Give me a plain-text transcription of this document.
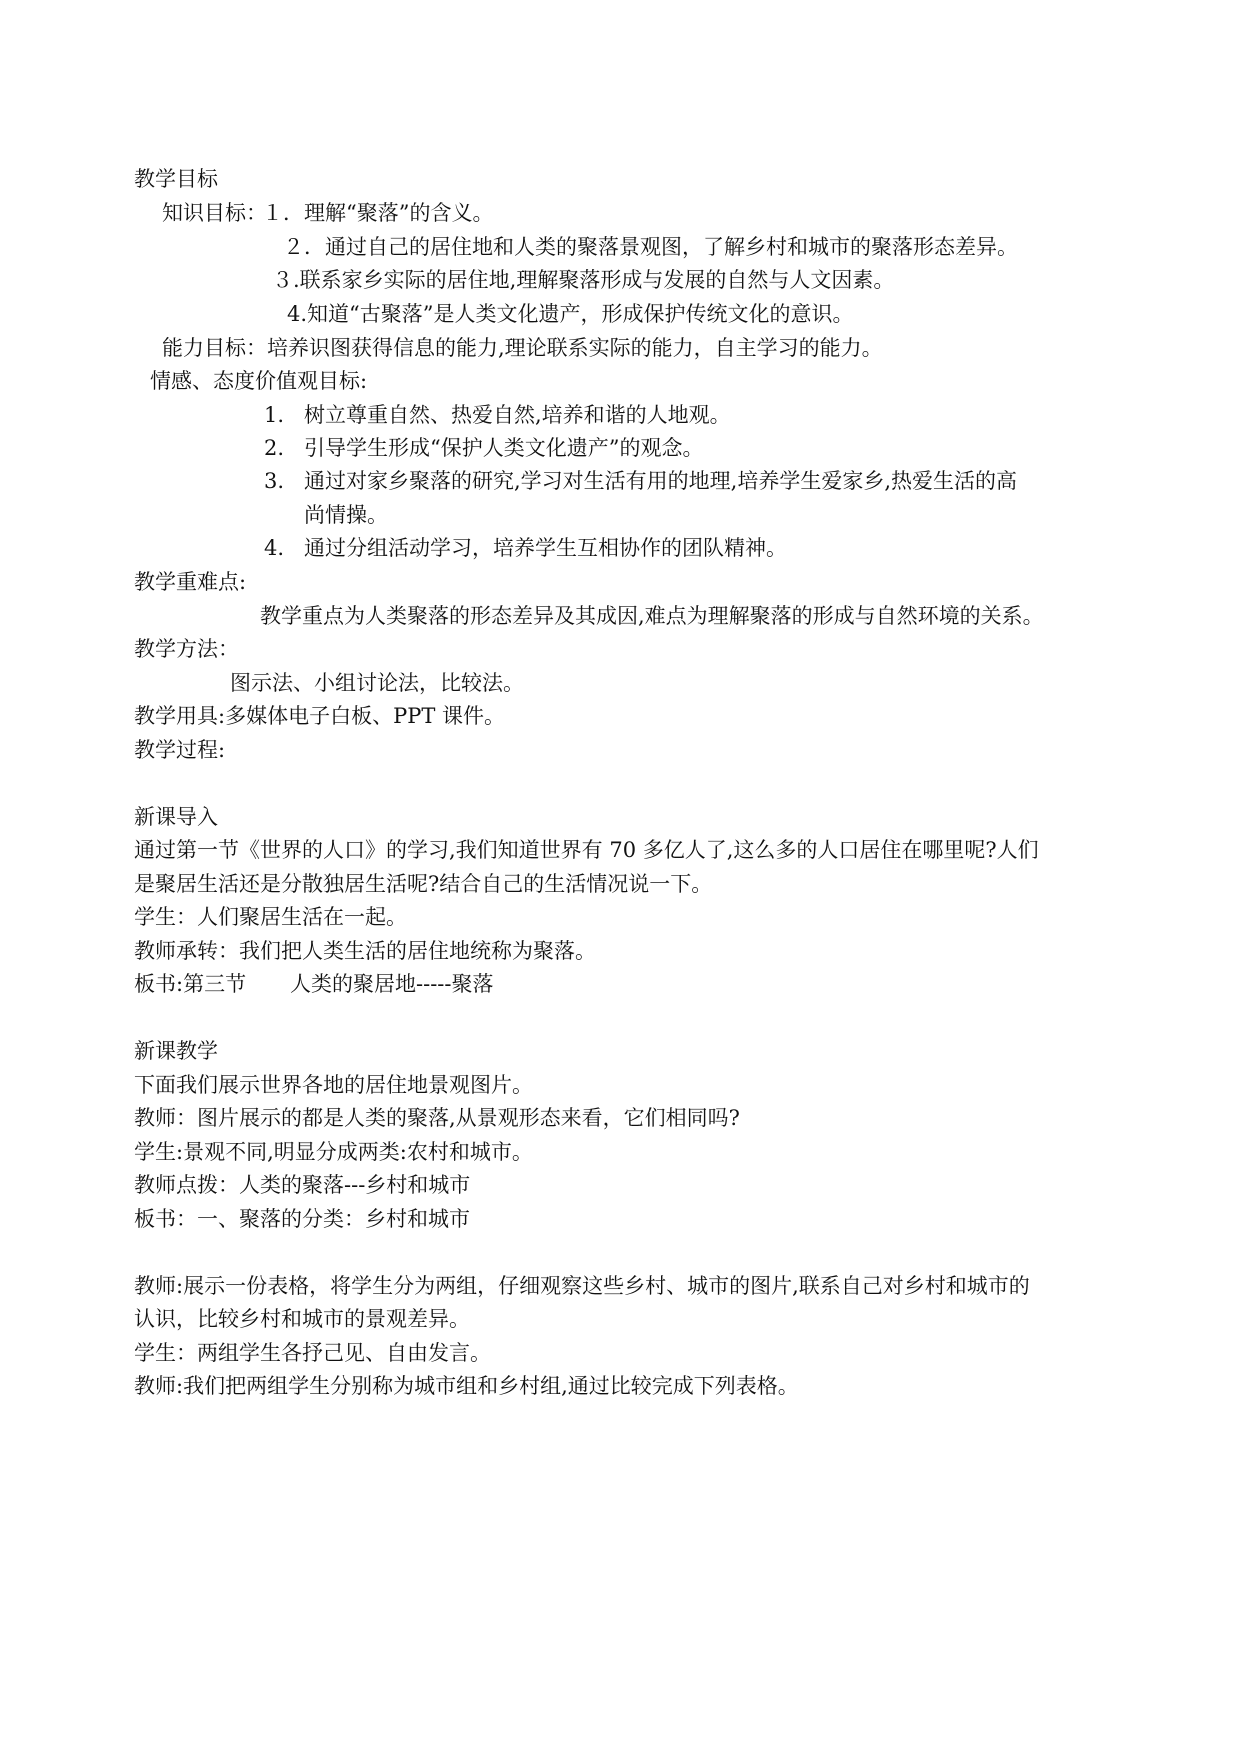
教学目标
知识目标：
１．理解“聚落”的含义。
２．通过自己的居住地和人类的聚落景观图，了解乡村和城市的聚落形态差异。
３.联系家乡实际的居住地,理解聚落形成与发展的自然与人文因素。
4.知道“古聚落”是人类文化遗产，形成保护传统文化的意识。
能力目标：培养识图获得信息的能力,理论联系实际的能力，自主学习的能力。
情感、态度价值观目标:
1. 树立尊重自然、热爱自然,培养和谐的人地观。
2. 引导学生形成“保护人类文化遗产”的观念。
3. 通过对家乡聚落的研究,学习对生活有用的地理,培养学生爱家乡,热爱生活的高
尚情操。
4. 通过分组活动学习，培养学生互相协作的团队精神。
教学重难点:
教学重点为人类聚落的形态差异及其成因,难点为理解聚落的形成与自然环境的关系。
教学方法：
图示法、小组讨论法，比较法。
教学用具:多媒体电子白板、PPT 课件。
教学过程:
新课导入
通过第一节《世界的人口》的学习,我们知道世界有 70 多亿人了,这么多的人口居住在哪里呢?人们
是聚居生活还是分散独居生活呢?结合自己的生活情况说一下。
学生：人们聚居生活在一起。
教师承转：我们把人类生活的居住地统称为聚落。
板书:第三节 人类的聚居地-----聚落
新课教学
下面我们展示世界各地的居住地景观图片。
教师：图片展示的都是人类的聚落,从景观形态来看，它们相同吗?
学生:景观不同,明显分成两类:农村和城市。
教师点拨：人类的聚落---乡村和城市
板书：一、聚落的分类：乡村和城市
教师:展示一份表格，将学生分为两组，仔细观察这些乡村、城市的图片,联系自己对乡村和城市的
认识，比较乡村和城市的景观差异。
学生：两组学生各抒己见、自由发言。
教师:我们把两组学生分别称为城市组和乡村组,通过比较完成下列表格。
